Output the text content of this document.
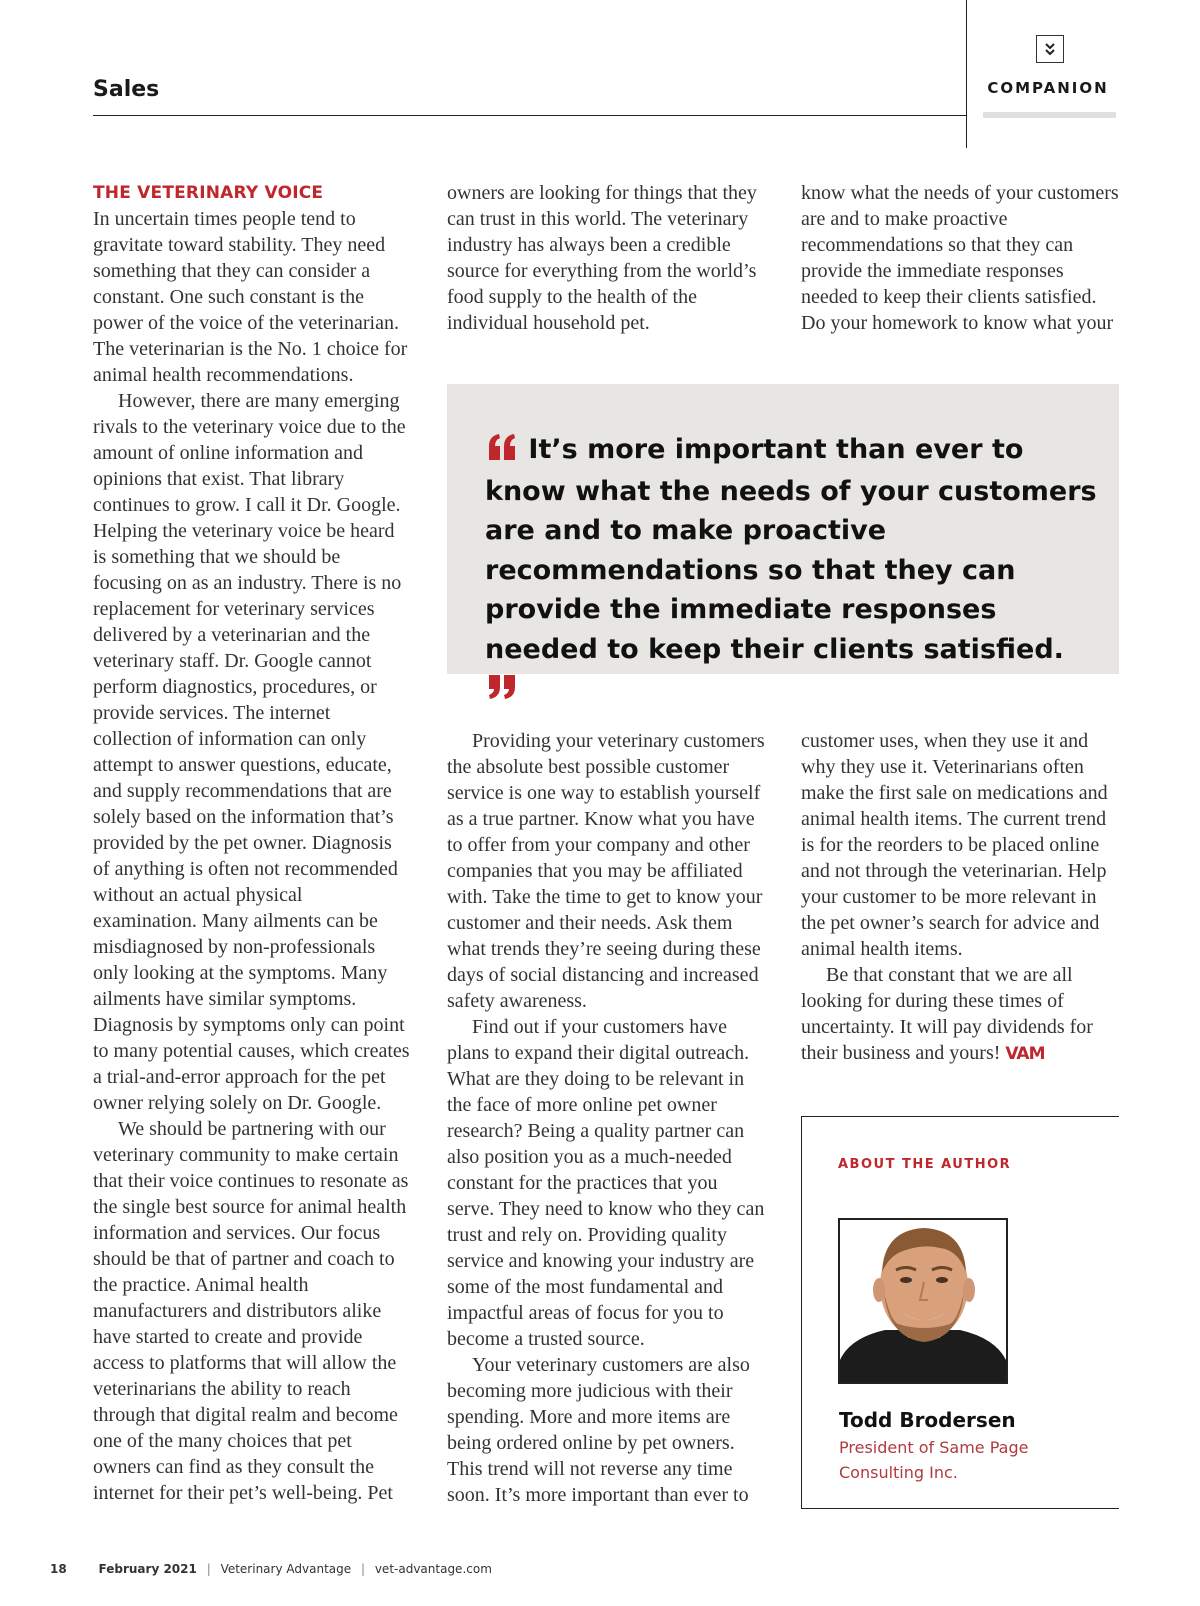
Sales	COMPANION
THE VETERINARY VOICE

In uncertain times people tend to gravitate toward stability. They need something that they can consider a constant. One such constant is the power of the voice of the veterinarian. The veterinarian is the No. 1 choice for animal health recommendations.

However, there are many emerging rivals to the veterinary voice due to the amount of online information and opinions that exist. That library continues to grow. I call it Dr. Google. Helping the veterinary voice be heard is something that we should be focusing on as an industry. There is no replacement for veterinary services delivered by a veterinarian and the veterinary staff. Dr. Google cannot perform diagnostics, procedures, or provide services. The internet collection of information can only attempt to answer questions, educate, and supply recommendations that are solely based on the information that’s provided by the pet owner. Diagnosis of anything is often not recommended without an actual physical examination. Many ailments can be misdiagnosed by non-professionals only looking at the symptoms. Many ailments have similar symptoms. Diagnosis by symptoms only can point to many potential causes, which creates a trial-and-error approach for the pet owner relying solely on Dr. Google.

We should be partnering with our veterinary community to make certain that their voice continues to resonate as the single best source for animal health information and services. Our focus should be that of partner and coach to the practice. Animal health manufacturers and distributors alike have started to create and provide access to platforms that will allow the veterinarians the ability to reach through that digital realm and become one of the many choices that pet owners can find as they consult the internet for their pet’s well-being. Pet

owners are looking for things that they can trust in this world. The veterinary industry has always been a credible source for everything from the world’s food supply to the health of the individual household pet.

know what the needs of your customers are and to make proactive recommendations so that they can provide the immediate responses needed to keep their clients satisfied. Do your homework to know what your

It’s more important than ever to know what the needs of your customers are and to make proactive recommendations so that they can provide the immediate responses needed to keep their clients satisfied.

Providing your veterinary customers the absolute best possible customer service is one way to establish yourself as a true partner. Know what you have to offer from your company and other companies that you may be affiliated with. Take the time to get to know your customer and their needs. Ask them what trends they’re seeing during these days of social distancing and increased safety awareness.

Find out if your customers have plans to expand their digital outreach. What are they doing to be relevant in the face of more online pet owner research? Being a quality partner can also position you as a much-needed constant for the practices that you serve. They need to know who they can trust and rely on. Providing quality service and knowing your industry are some of the most fundamental and impactful areas of focus for you to become a trusted source.

Your veterinary customers are also becoming more judicious with their spending. More and more items are being ordered online by pet owners. This trend will not reverse any time soon. It’s more important than ever to

customer uses, when they use it and why they use it. Veterinarians often make the first sale on medications and animal health items. The current trend is for the reorders to be placed online and not through the veterinarian. Help your customer to be more relevant in the pet owner’s search for advice and animal health items.

Be that constant that we are all looking for during these times of uncertainty. It will pay dividends for their business and yours! VAM

ABOUT THE AUTHOR
Todd Brodersen
President of Same Page Consulting Inc.
18	February 2021 | Veterinary Advantage | vet-advantage.com
